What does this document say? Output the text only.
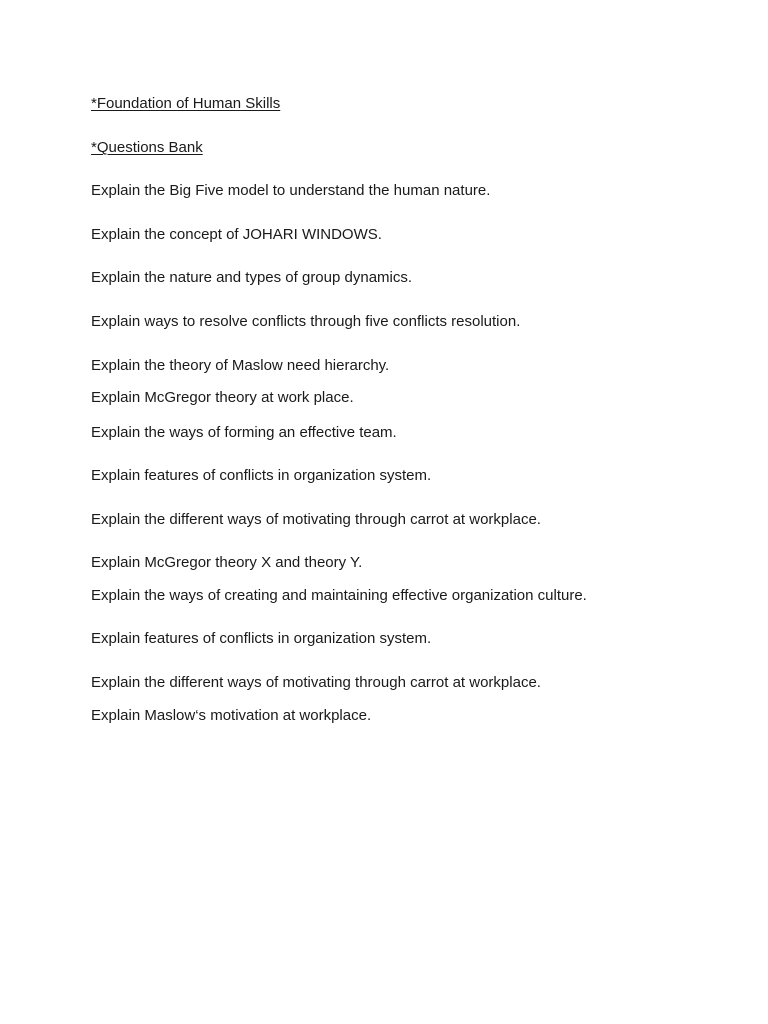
*Foundation of Human Skills
*Questions Bank
Explain the Big Five model to understand the human nature.
Explain the concept of JOHARI WINDOWS.
Explain the nature and types of group dynamics.
Explain ways to resolve conflicts through five conflicts resolution.
Explain the theory of Maslow need hierarchy.
Explain McGregor theory at work place.
Explain the ways of forming an effective team.
Explain features of conflicts in organization system.
Explain the different ways of motivating through carrot at workplace.
Explain McGregor theory X and theory Y.
Explain the ways of creating and maintaining effective organization culture.
Explain features of conflicts in organization system.
Explain the different ways of motivating through carrot at workplace.
Explain Maslow‘s motivation at workplace.
